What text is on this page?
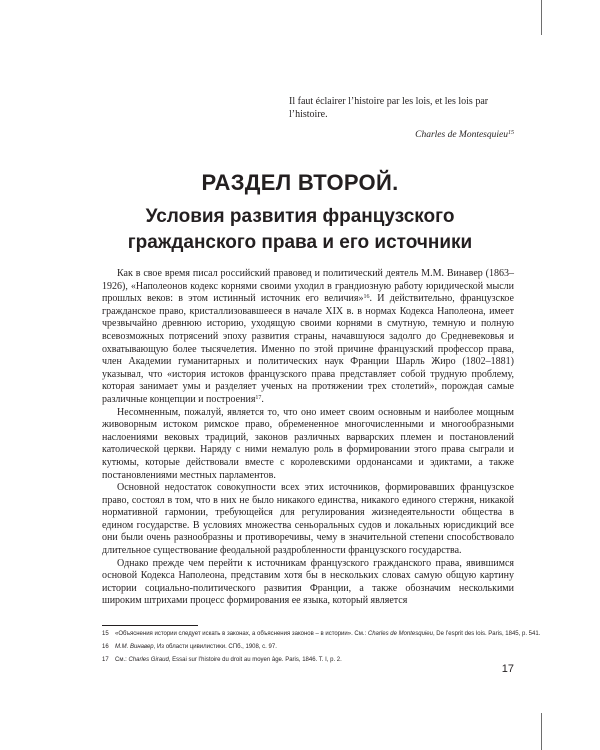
Il faut éclairer l’histoire par les lois, et les lois par l’histoire.

Charles de Montesquieu$^{15}$

РАЗДЕЛ ВТОРОЙ.
Условия развития французского
гражданского права и его источники

Как в свое время писал российский правовед и политический деятель М.М. Винавер (1863–1926), «Наполеонов кодекс корнями своими уходил в грандиозную работу юридической мысли прошлых веков: в этом истинный источник его величия»$^{16}$. И действительно, французское гражданское право, кристаллизовавшееся в начале XIX в. в нормах Кодекса Наполеона, имеет чрезвычайно древнюю историю, уходящую своими корнями в смутную, темную и полную всевозможных потрясений эпоху развития страны, начавшуюся задолго до Средневековья и охватывающую более тысячелетия. Именно по этой причине французский профессор права, член Академии гуманитарных и политических наук Франции Шарль Жиро (1802–1881) указывал, что «история истоков французского права представляет собой трудную проблему, которая занимает умы и разделяет ученых на протяжении трех столетий», порождая самые различные концепции и построения$^{17}$.

Несомненным, пожалуй, является то, что оно имеет своим основным и наиболее мощным живоворным истоком римское право, обремененное многочисленными и многообразными наслоениями вековых традиций, законов различных варварских племен и постановлений католической церкви. Наряду с ними немалую роль в формировании этого права сыграли и кутюмы, которые действовали вместе с королевскими ордонансами и эдиктами, а также постановлениями местных парламентов.

Основной недостаток совокупности всех этих источников, формировавших французское право, состоял в том, что в них не было никакого единства, никакого единого стержня, никакой нормативной гармонии, требующейся для регулирования жизнедеятельности общества в едином государстве. В условиях множества сеньоральных судов и локальных юрисдикций все они были очень разнообразны и противоречивы, чему в значительной степени способствовало длительное существование феодальной раздробленности французского государства.

Однако прежде чем перейти к источникам французского гражданского права, явившимся основой Кодекса Наполеона, представим хотя бы в нескольких словах самую общую картину истории социально-политического развития Франции, а также обозначим несколькими широким штрихами процесс формирования ее языка, который является

15 «Объяснения истории следует искать в законах, а объяснения законов – в истории». См.: Charles de Montesquieu, De l’esprit des lois. Paris, 1845, p. 541.

16 М.М. Винавер, Из области цивилистики. СПб., 1908, с. 97.

17 См.: Charles Giraud, Essai sur l’histoire du droit au moyen âge. Paris, 1846. T. I, p. 2.

17
